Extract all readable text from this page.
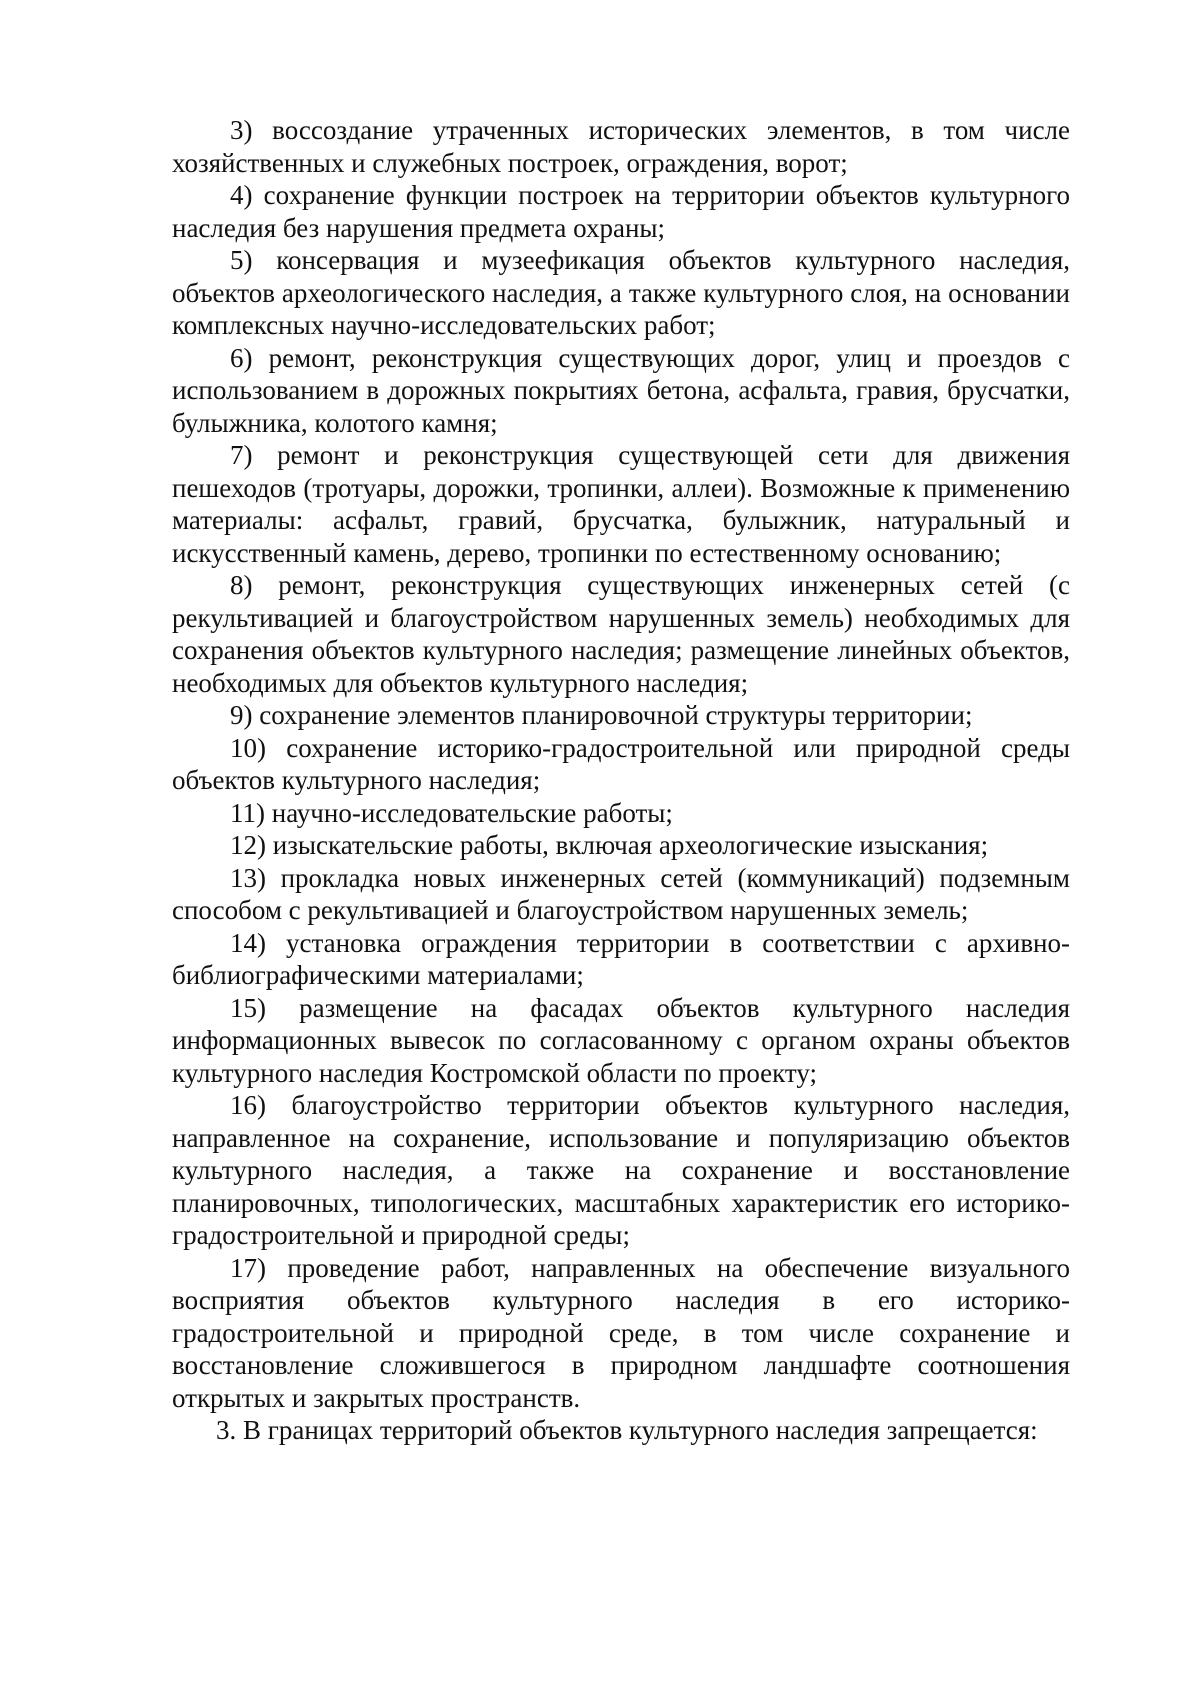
3) воссоздание утраченных исторических элементов, в том числе хозяйственных и служебных построек, ограждения, ворот;

4) сохранение функции построек на территории объектов культурного наследия без нарушения предмета охраны;

5) консервация и музеефикация объектов культурного наследия, объектов археологического наследия, а также культурного слоя, на основании комплексных научно-исследовательских работ;

6) ремонт, реконструкция существующих дорог, улиц и проездов с использованием в дорожных покрытиях бетона, асфальта, гравия, брусчатки, булыжника, колотого камня;

7) ремонт и реконструкция существующей сети для движения пешеходов (тротуары, дорожки, тропинки, аллеи). Возможные к применению материалы: асфальт, гравий, брусчатка, булыжник, натуральный и искусственный камень, дерево, тропинки по естественному основанию;

8) ремонт, реконструкция существующих инженерных сетей (с рекультивацией и благоустройством нарушенных земель) необходимых для сохранения объектов культурного наследия; размещение линейных объектов, необходимых для объектов культурного наследия;

9) сохранение элементов планировочной структуры территории;

10) сохранение историко-градостроительной или природной среды объектов культурного наследия;

11) научно-исследовательские работы;

12) изыскательские работы, включая археологические изыскания;

13) прокладка новых инженерных сетей (коммуникаций) подземным способом с рекультивацией и благоустройством нарушенных земель;

14) установка ограждения территории в соответствии с архивно-библиографическими материалами;

15) размещение на фасадах объектов культурного наследия информационных вывесок по согласованному с органом охраны объектов культурного наследия Костромской области по проекту;

16) благоустройство территории объектов культурного наследия, направленное на сохранение, использование и популяризацию объектов культурного наследия, а также на сохранение и восстановление планировочных, типологических, масштабных характеристик его историко-градостроительной и природной среды;

17) проведение работ, направленных на обеспечение визуального восприятия объектов культурного наследия в его историко-градостроительной и природной среде, в том числе сохранение и восстановление сложившегося в природном ландшафте соотношения открытых и закрытых пространств.

3. В границах территорий объектов культурного наследия запрещается:
